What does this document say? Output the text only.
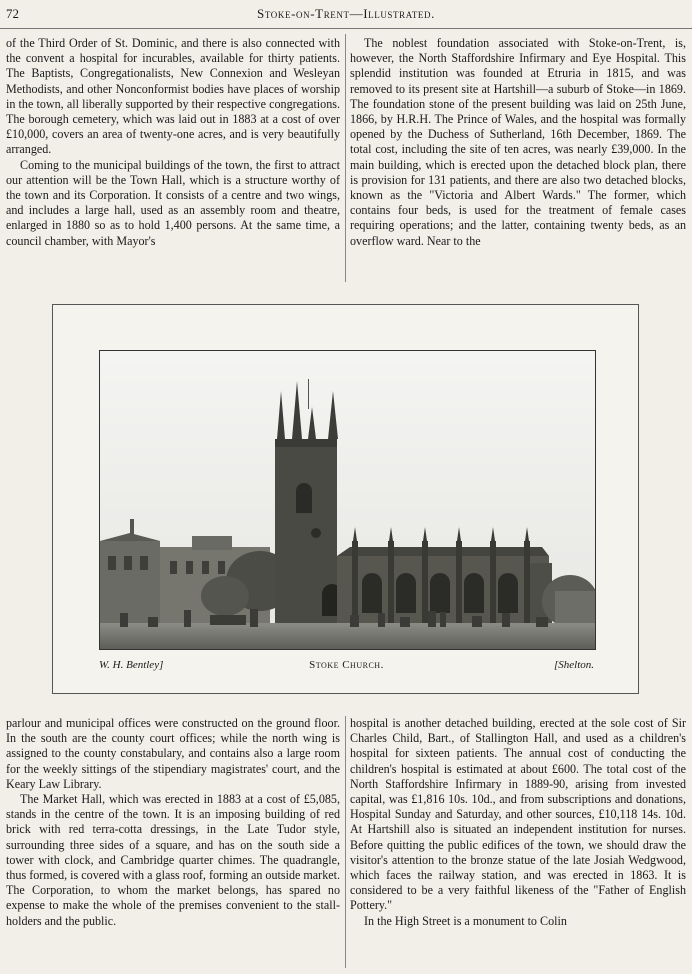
72	Stoke-on-Trent—Illustrated.

of the Third Order of St. Dominic, and there is also connected with the convent a hospital for incurables, available for thirty patients. The Baptists, Congregationalists, New Connexion and Wesleyan Methodists, and other Nonconformist bodies have places of worship in the town, all liberally supported by their respective congregations. The borough cemetery, which was laid out in 1883 at a cost of over £10,000, covers an area of twenty-one acres, and is very beautifully arranged.

Coming to the municipal buildings of the town, the first to attract our attention will be the Town Hall, which is a structure worthy of the town and its Corporation. It consists of a centre and two wings, and includes a large hall, used as an assembly room and theatre, enlarged in 1880 so as to hold 1,400 persons. At the same time, a council chamber, with Mayor's

The noblest foundation associated with Stoke-on-Trent, is, however, the North Staffordshire Infirmary and Eye Hospital. This splendid institution was founded at Etruria in 1815, and was removed to its present site at Hartshill—a suburb of Stoke—in 1869. The foundation stone of the present building was laid on 25th June, 1866, by H.R.H. The Prince of Wales, and the hospital was formally opened by the Duchess of Sutherland, 16th December, 1869. The total cost, including the site of ten acres, was nearly £39,000. In the main building, which is erected upon the detached block plan, there is provision for 131 patients, and there are also two detached blocks, known as the "Victoria and Albert Wards." The former, which contains four beds, is used for the treatment of female cases requiring operations; and the latter, containing twenty beds, as an overflow ward. Near to the

W. H. Bentley]	Stoke Church.	[Shelton.

parlour and municipal offices were constructed on the ground floor. In the south are the county court offices; while the north wing is assigned to the county constabulary, and contains also a large room for the weekly sittings of the stipendiary magistrates' court, and the Keary Law Library.

The Market Hall, which was erected in 1883 at a cost of £5,085, stands in the centre of the town. It is an imposing building of red brick with red terra-cotta dressings, in the Late Tudor style, surrounding three sides of a square, and has on the south side a tower with clock, and Cambridge quarter chimes. The quadrangle, thus formed, is covered with a glass roof, forming an outside market. The Corporation, to whom the market belongs, has spared no expense to make the whole of the premises convenient to the stall-holders and the public.

hospital is another detached building, erected at the sole cost of Sir Charles Child, Bart., of Stallington Hall, and used as a children's hospital for sixteen patients. The annual cost of conducting the children's hospital is estimated at about £600. The total cost of the North Staffordshire Infirmary in 1889-90, arising from invested capital, was £1,816 10s. 10d., and from subscriptions and donations, Hospital Sunday and Saturday, and other sources, £10,118 14s. 10d. At Hartshill also is situated an independent institution for nurses. Before quitting the public edifices of the town, we should draw the visitor's attention to the bronze statue of the late Josiah Wedgwood, which faces the railway station, and was erected in 1863. It is considered to be a very faithful likeness of the "Father of English Pottery."

In the High Street is a monument to Colin
